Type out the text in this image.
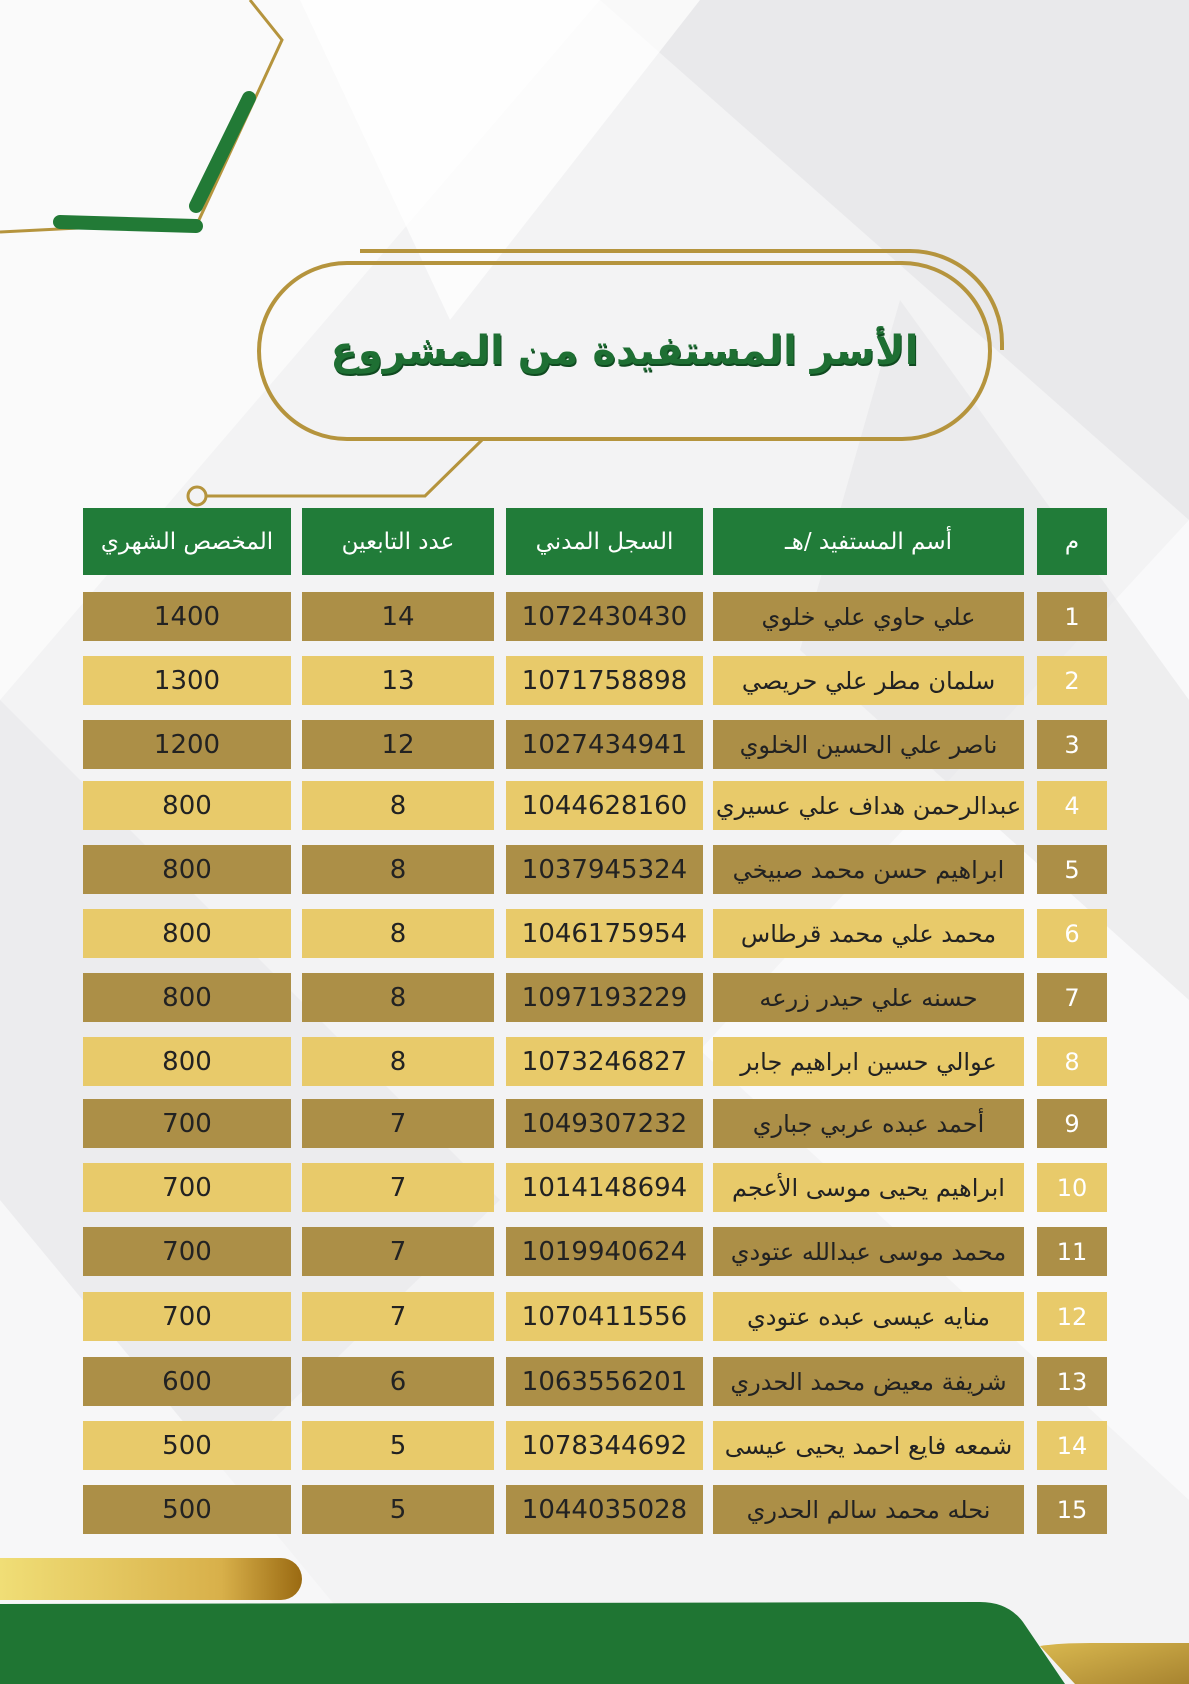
الأسر المستفيدة من المشروع
المخصص الشهري	عدد التابعين	السجل المدني	أسم المستفيد /هـ	م
1400	14	1072430430	علي حاوي علي خلوي	1
1300	13	1071758898	سلمان مطر علي حريصي	2
1200	12	1027434941	ناصر علي الحسين الخلوي	3
800	8	1044628160	عبدالرحمن هداف علي عسيري	4
800	8	1037945324	ابراهيم حسن محمد صبيخي	5
800	8	1046175954	محمد علي محمد قرطاس	6
800	8	1097193229	حسنه علي حيدر زرعه	7
800	8	1073246827	عوالي حسين ابراهيم جابر	8
700	7	1049307232	أحمد عبده عربي جباري	9
700	7	1014148694	ابراهيم يحيى موسى الأعجم	10
700	7	1019940624	محمد موسى عبدالله عتودي	11
700	7	1070411556	منايه عيسى عبده عتودي	12
600	6	1063556201	شريفة معيض محمد الحدري	13
500	5	1078344692	شمعه فايع احمد يحيى عيسى	14
500	5	1044035028	نحله محمد سالم الحدري	15
